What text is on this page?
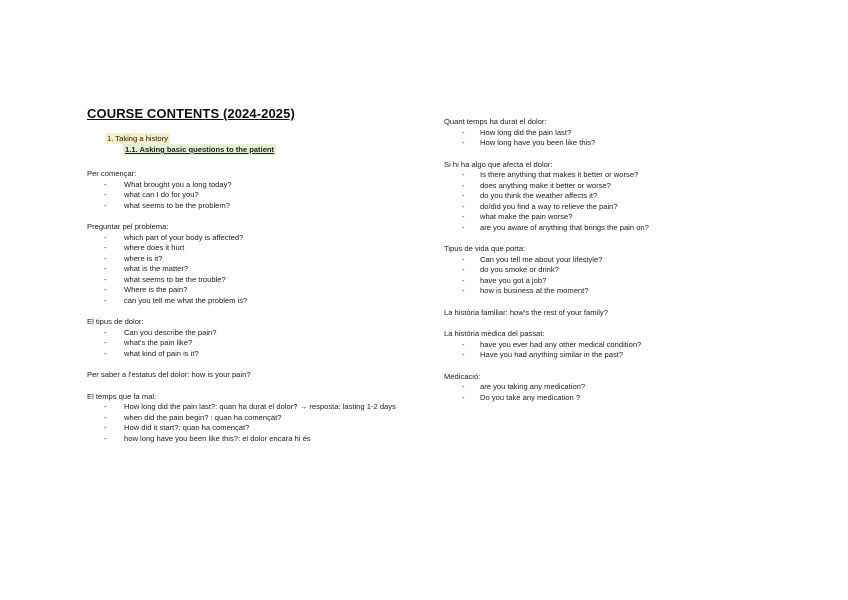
COURSE CONTENTS (2024-2025)
1. Taking a history
1.1. Asking basic questions to the patient
Per començar:
- What brought you a long today?
- what can I do for you?
- what seems to be the problem?
Preguntar pel problema:
- which part of your body is affected?
- where does it hurt
- where is it?
- what is the matter?
- what seems to be the trouble?
- Where is the pain?
- can you tell me what the problem is?
El tipus de dolor:
- Can you describe the pain?
- what's the pain like?
- what kind of pain is it?
Per saber a l'estatus del dolor: how is your pain?
El temps que fa mal:
- How long did the pain last?: quan ha durat el dolor? → resposta: lasting 1-2 days
- when did the pain begin? : quan ha començat?
- How did it start?: quan ha començat?
- how long have you been like this?: el dolor encara hi és
Quant temps ha durat el dolor:
- How long did the pain last?
- How long have you been like this?
Si hi ha algo que afecta el dolor:
- Is there anything that makes it better or worse?
- does anything make it better or worse?
- do you think the weather affects it?
- do/did you find a way to relieve the pain?
- what make the pain worse?
- are you aware of anything that brings the pain on?
Tipus de vida que porta:
- Can you tell me about your lifestyle?
- do you smoke or drink?
- have you got a job?
- how is business at the moment?
La història familiar: how's the rest of your family?
La història mèdica del passat:
- have you ever had any other medical condition?
- Have you had anything similar in the past?
Medicació:
- are you taking any medication?
- Do you take any medication ?
